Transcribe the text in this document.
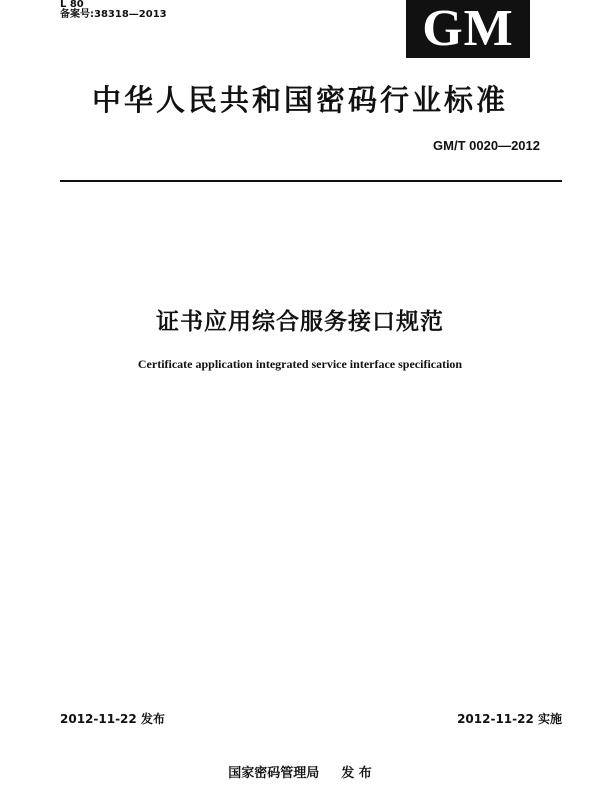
L 80
备案号:38318—2013	GM
中华人民共和国密码行业标准
GM/T 0020—2012
证书应用综合服务接口规范
Certificate application integrated service interface specification
2012-11-22 发布	2012-11-22 实施
国家密码管理局 发 布
